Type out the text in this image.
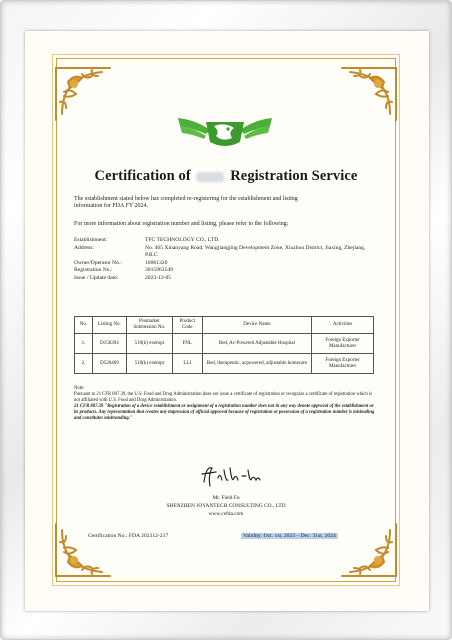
Certification of	Registration Service
The establishment stated below has completed re-registering for the establishment and listing
information for FDA FY 2024.
For more information about registration number and listing, please refer to the following:
Establishment:	TFC TECHNOLOGY CO., LTD.
Address:	No. 465 Xinanyang Road, Wangjiangjing Development Zone, Xiuzhou District, Jiaxing, Zhejiang, P.R.C
Owner/Operator No.:	10061320
Registration No.:	3015963549
Issue / Update date:	2023-12-05
No.	Listing No.	Premarket Submission No.	Product Code	Device Name	Activities
1.	D158394	510(k) exempt	FNL	Bed, Ac-Powered Adjustable Hospital	Foreign Exporter Manufacturer
2.	D520469	510(k) exempt	LLI	Bed, therapeutic, acpowered, adjustable homecare	Foreign Exporter Manufacturer
Note:
Pursuant to 21 CFR 807.39, the U.S. Food and Drug Administration does not issue a certificate of registration or recognize a certificate of registration which is not affiliated with U.S. Food and Drug Administration.
21 CFR 807.39 "Registration of a device establishment or assignment of a registration number does not in any way denote approval of the establishment or its products. Any representation that creates any impression of official approval because of registration or possession of a registration number is misleading and constitutes misbranding."
Mr. Field Fu
SHENZHEN JOYANTECH CONSULTING CO., LTD
www.cefda.com
Certification No.: FDA 202312-217	Validity: Oct. 1st, 2023 – Dec. 31st, 2024
